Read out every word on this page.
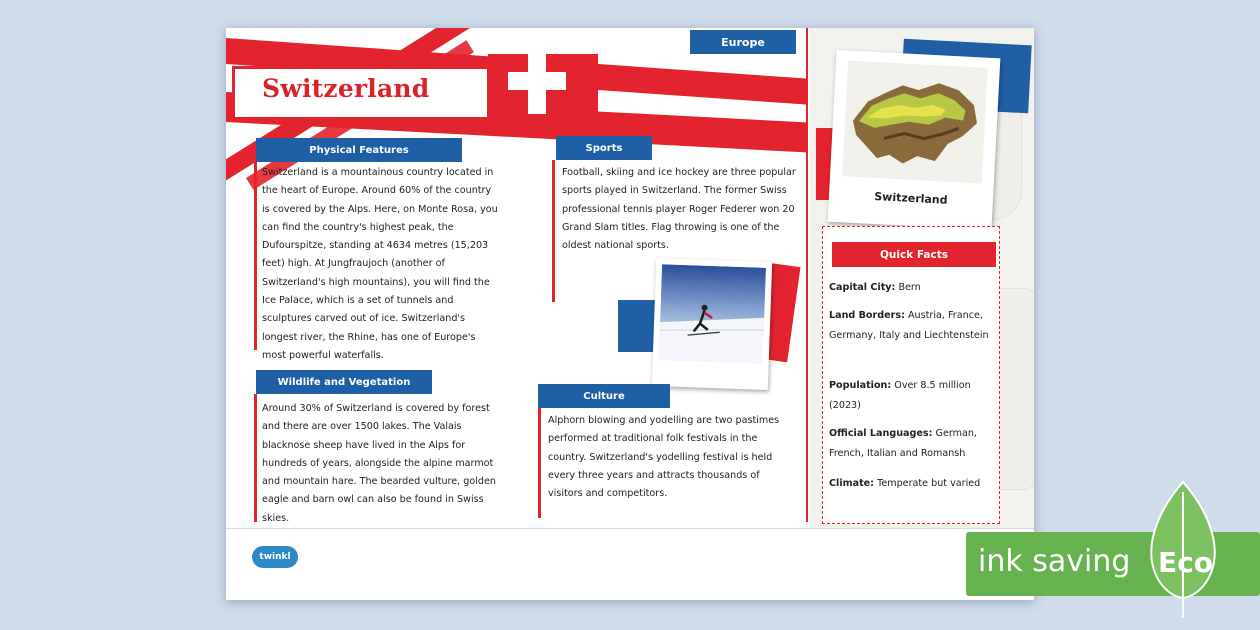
Europe
Switzerland
Physical Features
Switzerland is a mountainous country located in the heart of Europe. Around 60% of the country is covered by the Alps. Here, on Monte Rosa, you can find the country's highest peak, the Dufourspitze, standing at 4634 metres (15,203 feet) high. At Jungfraujoch (another of Switzerland's high mountains), you will find the Ice Palace, which is a set of tunnels and sculptures carved out of ice. Switzerland's longest river, the Rhine, has one of Europe's most powerful waterfalls.
Sports
Football, skiing and ice hockey are three popular sports played in Switzerland. The former Swiss professional tennis player Roger Federer won 20 Grand Slam titles. Flag throwing is one of the oldest national sports.
Wildlife and Vegetation
Around 30% of Switzerland is covered by forest and there are over 1500 lakes. The Valais blacknose sheep have lived in the Alps for hundreds of years, alongside the alpine marmot and mountain hare. The bearded vulture, golden eagle and barn owl can also be found in Swiss skies.
Culture
Alphorn blowing and yodelling are two pastimes performed at traditional folk festivals in the country. Switzerland's yodelling festival is held every three years and attracts thousands of visitors and competitors.
Switzerland
Quick Facts
Capital City: Bern
Land Borders: Austria, France, Germany, Italy and Liechtenstein
Population: Over 8.5 million (2023)
Official Languages: German, French, Italian and Romansh
Climate: Temperate but varied
twinkl	ink saving Eco
